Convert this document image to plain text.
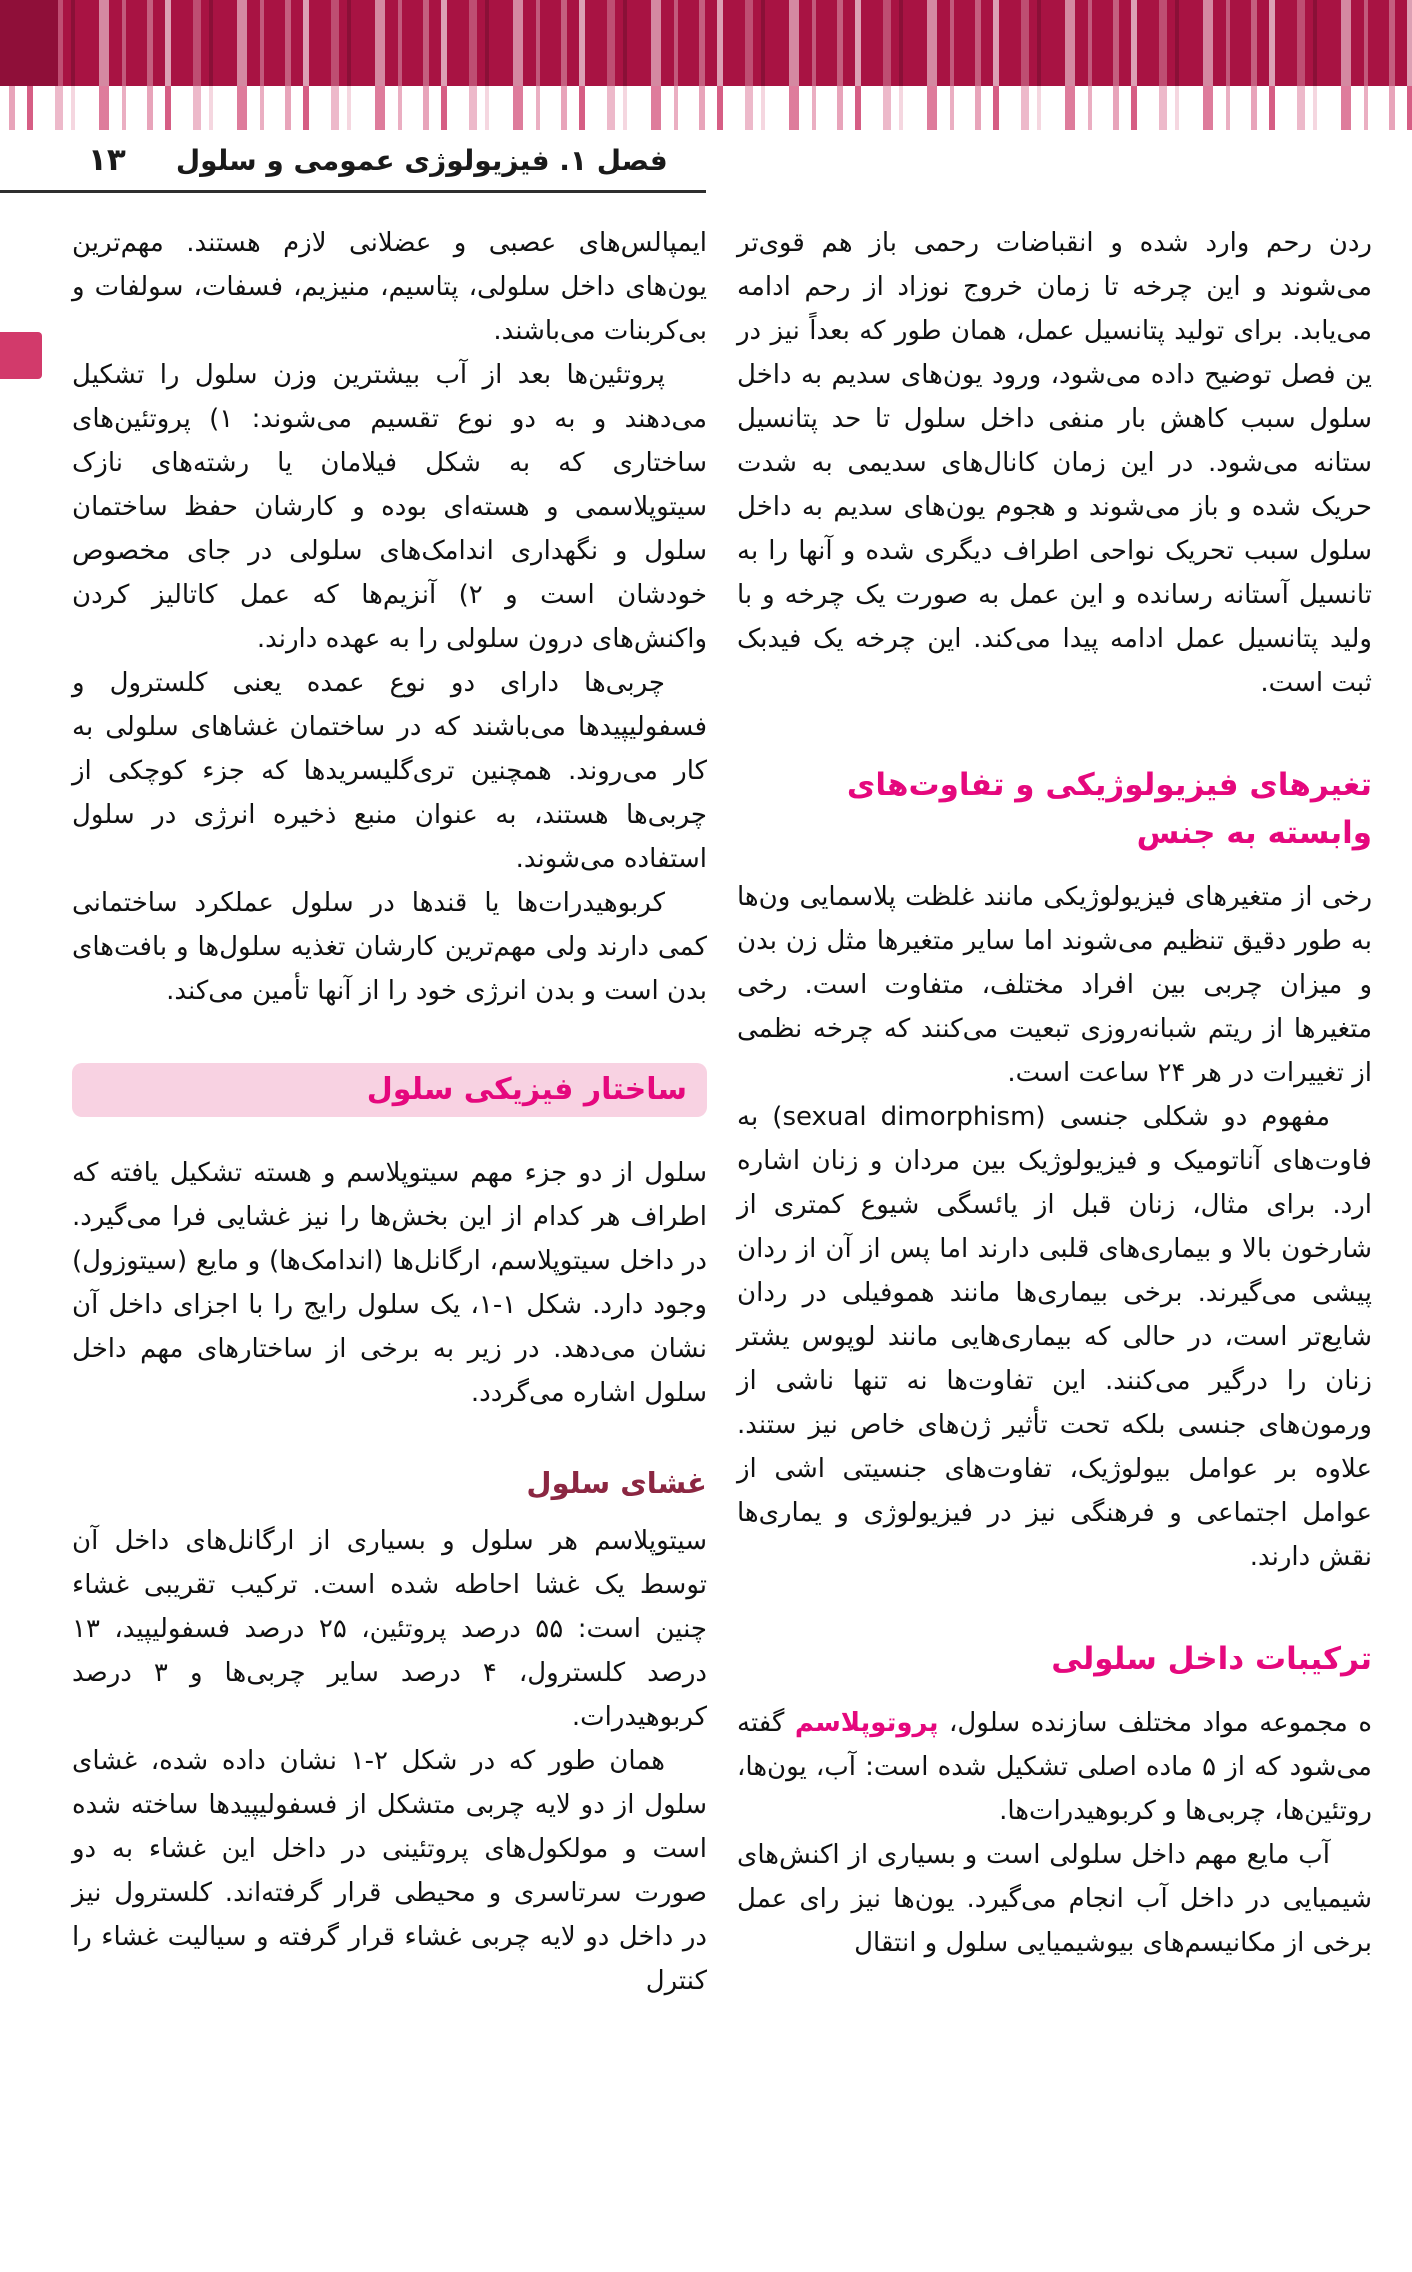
۱۳ فصل ۱. فیزیولوژی عمومی و سلول

ردن رحم وارد شده و انقباضات رحمی باز هم قوی‌تر می‌شوند و این چرخه تا زمان خروج نوزاد از رحم ادامه می‌یابد. برای تولید پتانسیل عمل، همان طور که بعداً نیز در ین فصل توضیح داده می‌شود، ورود یون‌های سدیم به داخل سلول سبب کاهش بار منفی داخل سلول تا حد پتانسیل ستانه می‌شود. در این زمان کانال‌های سدیمی به شدت حریک شده و باز می‌شوند و هجوم یون‌های سدیم به داخل سلول سبب تحریک نواحی اطراف دیگری شده و آنها را به تانسیل آستانه رسانده و این عمل به صورت یک چرخه و با ولید پتانسیل عمل ادامه پیدا می‌کند. این چرخه یک فیدبک ثبت است.

تغیرهای فیزیولوژیکی و تفاوت‌های وابسته به جنس

رخی از متغیرهای فیزیولوژیکی مانند غلظت پلاسمایی ون‌ها به طور دقیق تنظیم می‌شوند اما سایر متغیرها مثل زن بدن و میزان چربی بین افراد مختلف، متفاوت است. رخی متغیرها از ریتم شبانه‌روزی تبعیت می‌کنند که چرخه نظمی از تغییرات در هر ۲۴ ساعت است.

مفهوم دو شکلی جنسی (sexual dimorphism) به فاوت‌های آناتومیک و فیزیولوژیک بین مردان و زنان اشاره ارد. برای مثال، زنان قبل از یائسگی شیوع کمتری از شارخون بالا و بیماری‌های قلبی دارند اما پس از آن از ردان پیشی می‌گیرند. برخی بیماری‌ها مانند هموفیلی در ردان شایع‌تر است، در حالی که بیماری‌هایی مانند لوپوس یشتر زنان را درگیر می‌کنند. این تفاوت‌ها نه تنها ناشی از ورمون‌های جنسی بلکه تحت تأثیر ژن‌های خاص نیز ستند. علاوه بر عوامل بیولوژیک، تفاوت‌های جنسیتی اشی از عوامل اجتماعی و فرهنگی نیز در فیزیولوژی و یماری‌ها نقش دارند.

ترکیبات داخل سلولی

ه مجموعه مواد مختلف سازنده سلول، پروتوپلاسم گفته می‌شود که از ۵ ماده اصلی تشکیل شده است: آب، یون‌ها، روتئین‌ها، چربی‌ها و کربوهیدرات‌ها.

آب مایع مهم داخل سلولی است و بسیاری از اکنش‌های شیمیایی در داخل آب انجام می‌گیرد. یون‌ها نیز رای عمل برخی از مکانیسم‌های بیوشیمیایی سلول و انتقال

ایمپالس‌های عصبی و عضلانی لازم هستند. مهم‌ترین یون‌های داخل سلولی، پتاسیم، منیزیم، فسفات، سولفات و بی‌کربنات می‌باشند.

پروتئین‌ها بعد از آب بیشترین وزن سلول را تشکیل می‌دهند و به دو نوع تقسیم می‌شوند: ۱) پروتئین‌های ساختاری که به شکل فیلامان یا رشته‌های نازک سیتوپلاسمی و هسته‌ای بوده و کارشان حفظ ساختمان سلول و نگهداری اندامک‌های سلولی در جای مخصوص خودشان است و ۲) آنزیم‌ها که عمل کاتالیز کردن واکنش‌های درون سلولی را به عهده دارند.

چربی‌ها دارای دو نوع عمده یعنی کلسترول و فسفولیپیدها می‌باشند که در ساختمان غشاهای سلولی به کار می‌روند. همچنین تری‌گلیسریدها که جزء کوچکی از چربی‌ها هستند، به عنوان منبع ذخیره انرژی در سلول استفاده می‌شوند.

کربوهیدرات‌ها یا قندها در سلول عملکرد ساختمانی کمی دارند ولی مهم‌ترین کارشان تغذیه سلول‌ها و بافت‌های بدن است و بدن انرژی خود را از آنها تأمین می‌کند.

ساختار فیزیکی سلول

سلول از دو جزء مهم سیتوپلاسم و هسته تشکیل یافته که اطراف هر کدام از این بخش‌ها را نیز غشایی فرا می‌گیرد. در داخل سیتوپلاسم، ارگانل‌ها (اندامک‌ها) و مایع (سیتوزول) وجود دارد. شکل ۱-۱، یک سلول رایج را با اجزای داخل آن نشان می‌دهد. در زیر به برخی از ساختارهای مهم داخل سلول اشاره می‌گردد.

غشای سلول

سیتوپلاسم هر سلول و بسیاری از ارگانل‌های داخل آن توسط یک غشا احاطه شده است. ترکیب تقریبی غشاء چنین است: ۵۵ درصد پروتئین، ۲۵ درصد فسفولیپید، ۱۳ درصد کلسترول، ۴ درصد سایر چربی‌ها و ۳ درصد کربوهیدرات.

همان طور که در شکل ۲-۱ نشان داده شده، غشای سلول از دو لایه چربی متشکل از فسفولیپیدها ساخته شده است و مولکول‌های پروتئینی در داخل این غشاء به دو صورت سرتاسری و محیطی قرار گرفته‌اند. کلسترول نیز در داخل دو لایه چربی غشاء قرار گرفته و سیالیت غشاء را کنترل
